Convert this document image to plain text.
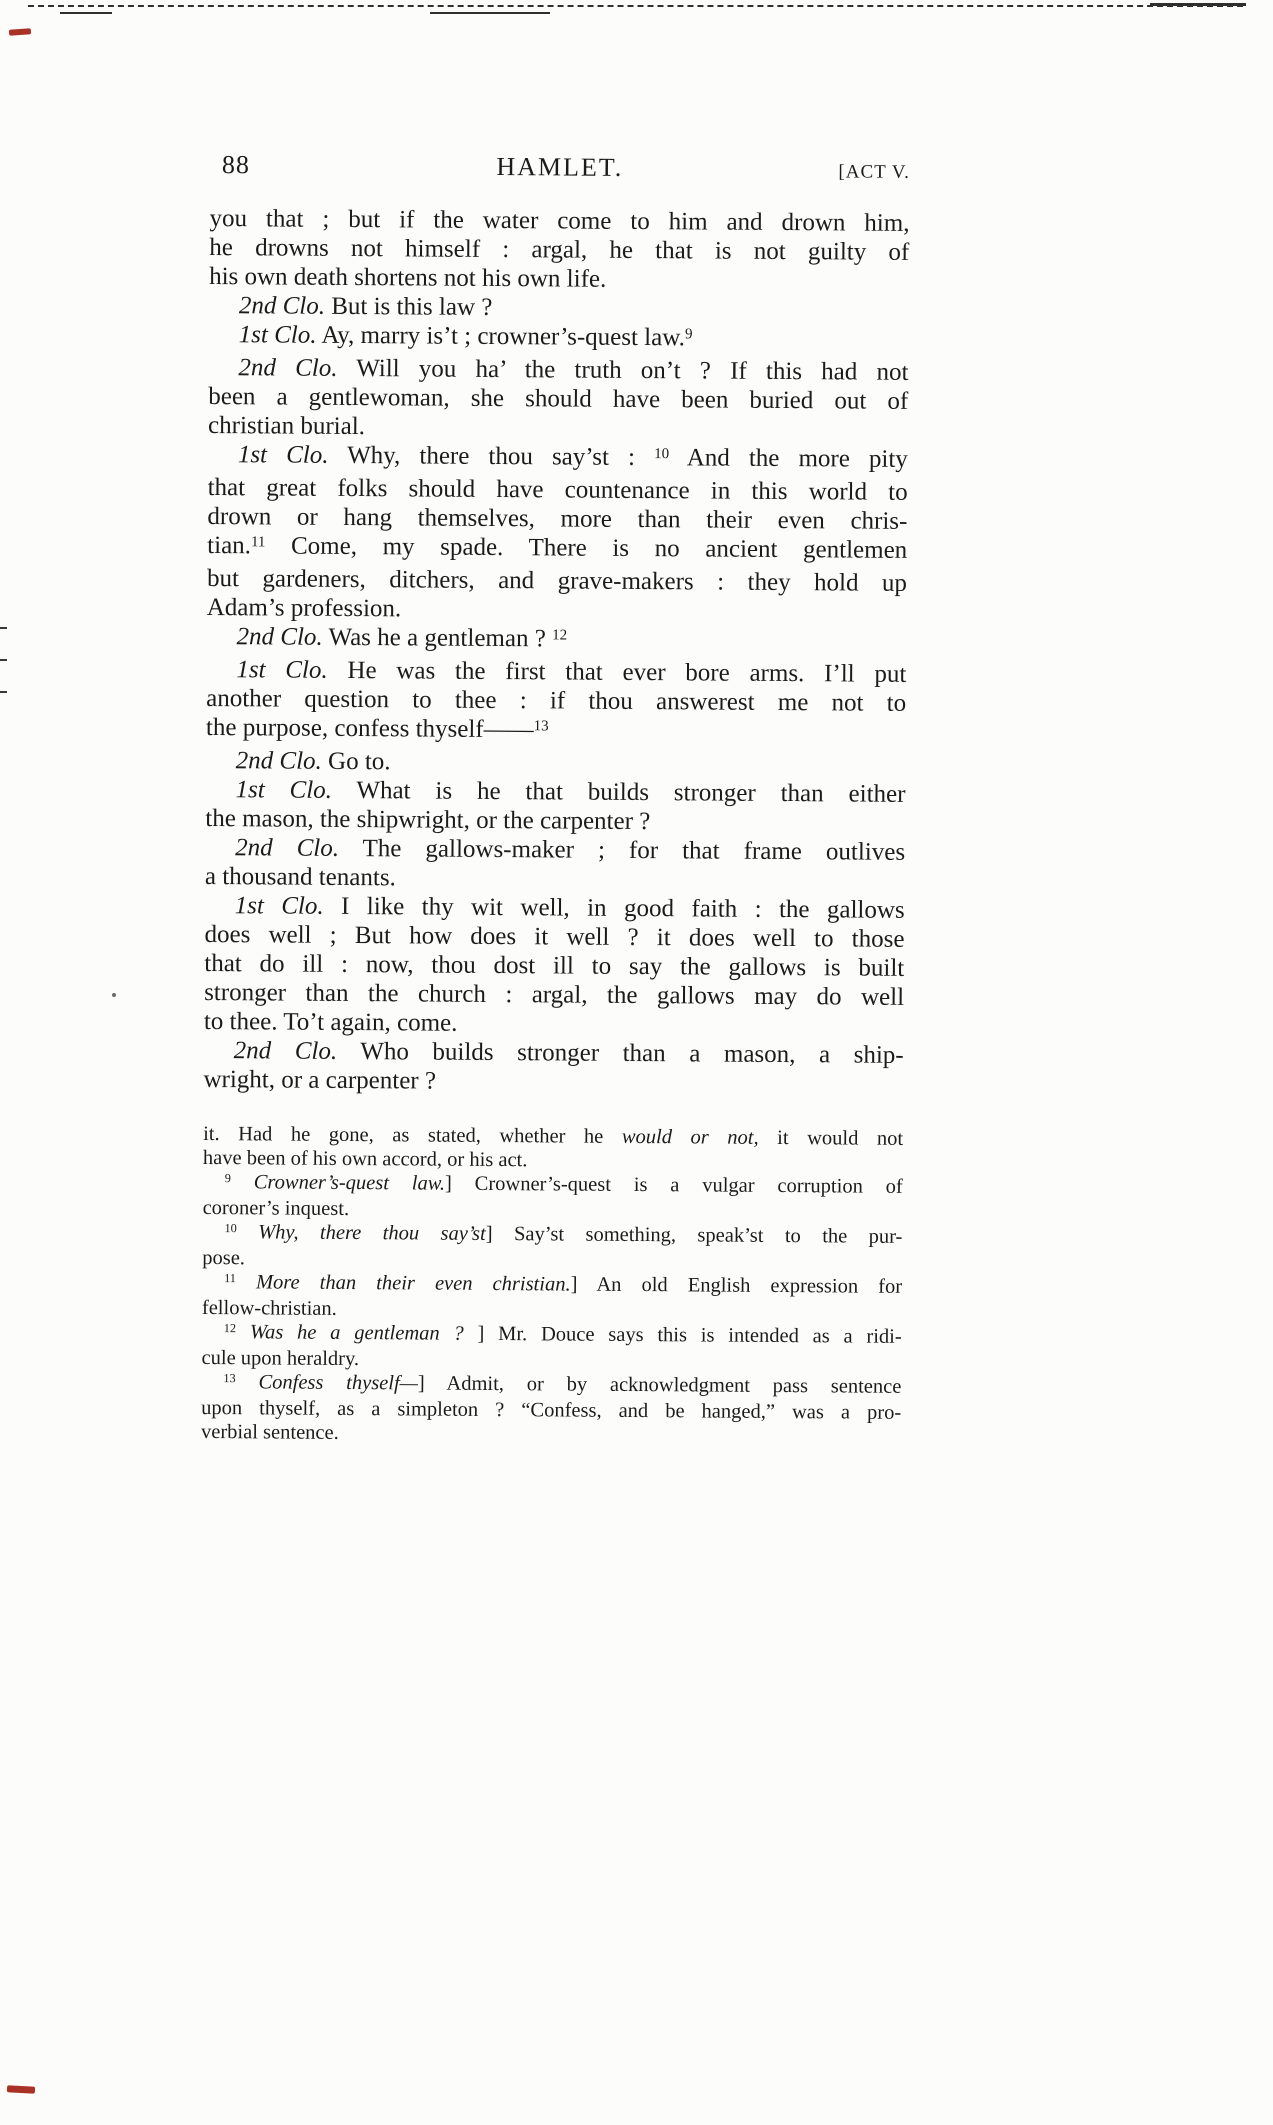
88	HAMLET.	[ACT V.
you that ; but if the water come to him and drown him,
he drowns not himself : argal, he that is not guilty of
his own death shortens not his own life.
2nd Clo. But is this law ?
1st Clo. Ay, marry is’t ; crowner’s-quest law.$^9$
2nd Clo. Will you ha’ the truth on’t ? If this had not
been a gentlewoman, she should have been buried out of
christian burial.
1st Clo. Why, there thou say’st : $^{10}$ And the more pity
that great folks should have countenance in this world to
drown or hang themselves, more than their even chris-
tian.$^{11}$ Come, my spade. There is no ancient gentlemen
but gardeners, ditchers, and grave-makers : they hold up
Adam’s profession.
2nd Clo. Was he a gentleman ? $^{12}$
1st Clo. He was the first that ever bore arms. I’ll put
another question to thee : if thou answerest me not to
the purpose, confess thyself——$^{13}$
2nd Clo. Go to.
1st Clo. What is he that builds stronger than either
the mason, the shipwright, or the carpenter ?
2nd Clo. The gallows-maker ; for that frame outlives
a thousand tenants.
1st Clo. I like thy wit well, in good faith : the gallows
does well ; But how does it well ? it does well to those
that do ill : now, thou dost ill to say the gallows is built
stronger than the church : argal, the gallows may do well
to thee. To’t again, come.
2nd Clo. Who builds stronger than a mason, a ship-
wright, or a carpenter ?
it. Had he gone, as stated, whether he would or not, it would not
have been of his own accord, or his act.
$^9$ Crowner’s-quest law.] Crowner’s-quest is a vulgar corruption of
coroner’s inquest.
$^{10}$ Why, there thou say’st] Say’st something, speak’st to the pur-
pose.
$^{11}$ More than their even christian.] An old English expression for
fellow-christian.
$^{12}$ Was he a gentleman ? ] Mr. Douce says this is intended as a ridi-
cule upon heraldry.
$^{13}$ Confess thyself—] Admit, or by acknowledgment pass sentence
upon thyself, as a simpleton ? “Confess, and be hanged,” was a pro-
verbial sentence.
